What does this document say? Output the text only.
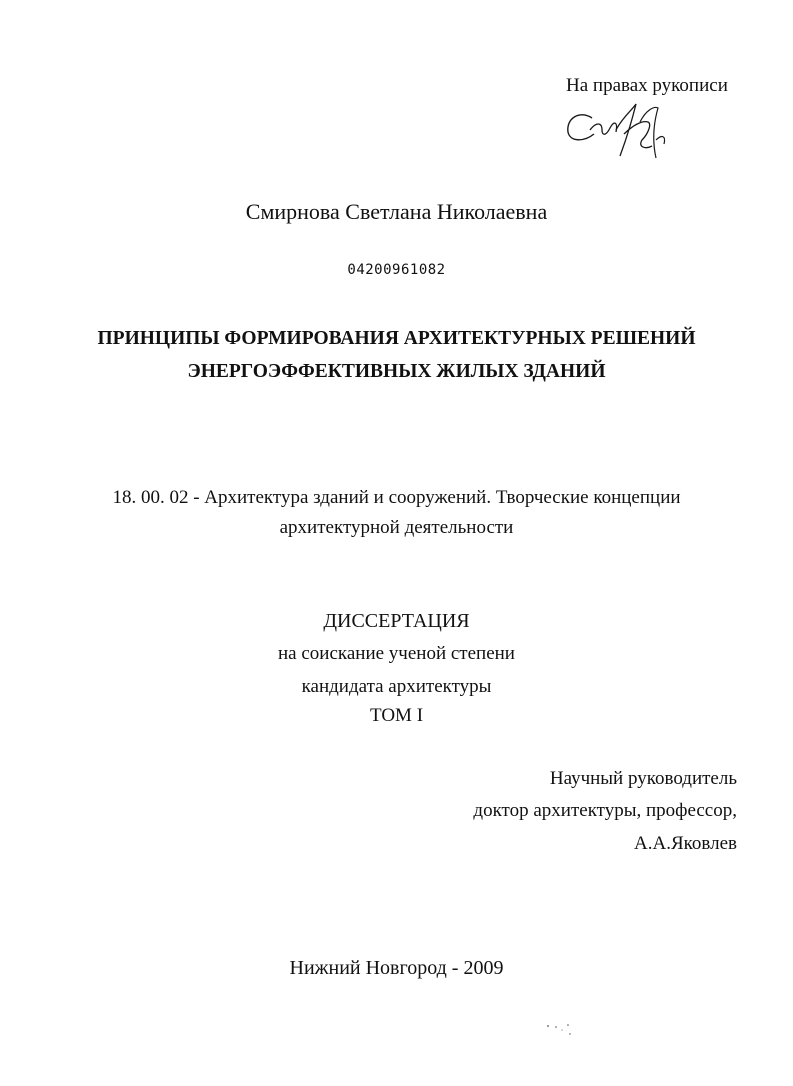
На правах рукописи
Смирнова Светлана Николаевна
04200961082
ПРИНЦИПЫ ФОРМИРОВАНИЯ АРХИТЕКТУРНЫХ РЕШЕНИЙ
ЭНЕРГОЭФФЕКТИВНЫХ ЖИЛЫХ ЗДАНИЙ
18. 00. 02 - Архитектура зданий и сооружений. Творческие концепции
архитектурной деятельности
ДИССЕРТАЦИЯ
на соискание ученой степени
кандидата архитектуры
ТОМ I
Научный руководитель
доктор архитектуры, профессор,
А.А.Яковлев
Нижний Новгород - 2009
